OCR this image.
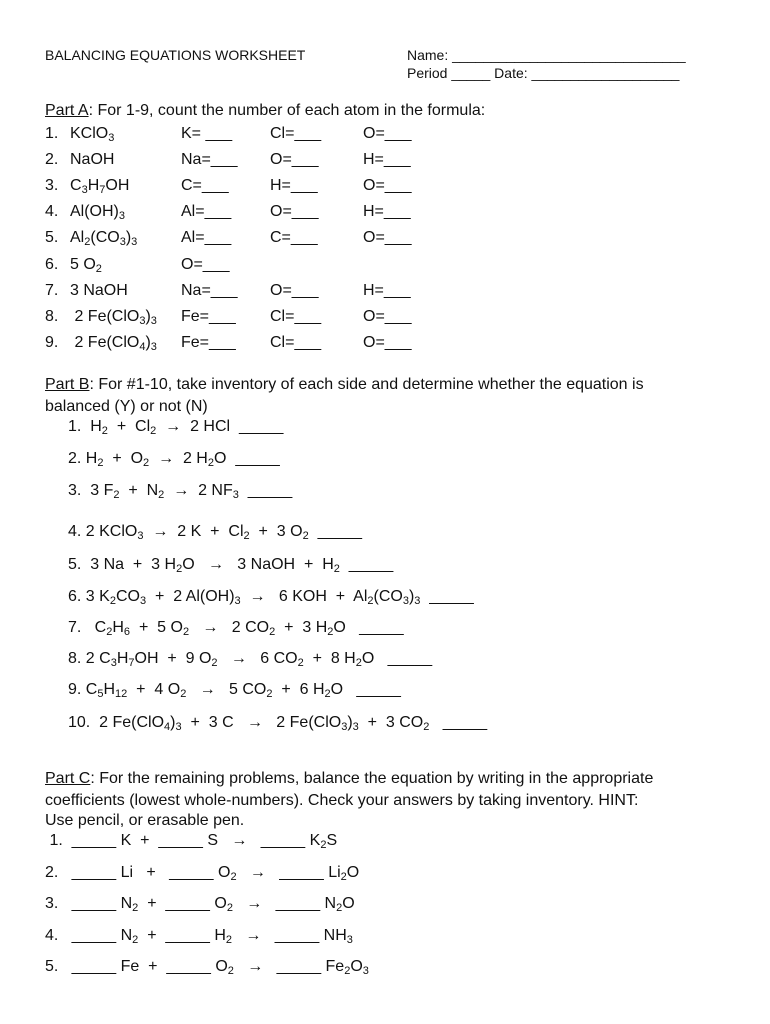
BALANCING EQUATIONS WORKSHEET	Name: ______________________________
Period _____ Date: ___________________
Part A: For 1-9, count the number of each atom in the formula:
1. KClO$_3$	K= ___ Cl=___	O=___
2. NaOH	Na=___ O=___	H=___
3. $C_3H_7OH$	C=___	H=___	O=___
4. $Al(OH)_3$	Al=___ O=___	H=___
5. $Al_2(CO_3)_3$	Al=___ C=___	O=___
6. 5 $O_2$	O=___
7. 3 NaOH	Na=___ O=___	H=___
8. 2 $Fe(ClO_3)_3$ Fe=___ Cl=___	O=___
9. 2 $Fe(ClO_4)_3$ Fe=___ Cl=___	O=___
Part B: For #1-10, take inventory of each side and determine whether the equation is
balanced (Y) or not (N)
1.  $H_2 + Cl_2 \to 2$ HCl  _____
2. $H_2 + O_2 \to 2$ $H_2O$  _____
3.  3 $F_2 + N_2 \to 2$ $NF_3$  _____
4. 2 KClO$_3$  →  2 $K + Cl_2 + 3$ $O_2$  _____
5.  3 Na  +  3 $H_2O \to 3$ NaOH  +  $H_2$  _____
6. 3 $K_2CO_3 + 2$ $Al(OH)_3 \to 6$ KOH  +  $Al_2(CO_3)_3$  _____
7.   $C_2H_6 + 5$ $O_2 \to 2$ $CO_2 + 3$ $H_2O$   _____
8. 2 $C_3H_7OH + 9$ $O_2 \to 6$ $CO_2 + 8$ $H_2O$   _____
9. $C_5H_{12} + 4$ $O_2 \to 5$ $CO_2 + 6$ $H_2O$   _____
10.  2 $Fe(ClO_4)_3 + 3$ C   →   2 $Fe(ClO_3)_3 + 3$ $CO_2$   _____
Part C: For the remaining problems, balance the equation by writing in the appropriate
coefficients (lowest whole-numbers). Check your answers by taking inventory. HINT:
Use pencil, or erasable pen.
1.  _____ K  +  _____ S   →   _____ $K_2S$
2.   _____ Li   +   _____ $O_2$   →   _____ $Li_2O$
3.   _____ $N_2$  +  _____ $O_2$   →   _____ $N_2O$
4.   _____ $N_2$  +  _____ $H_2$   →   _____ $NH_3$
5.   _____ Fe  +  _____ $O_2$   →   _____ $Fe_2O_3$
